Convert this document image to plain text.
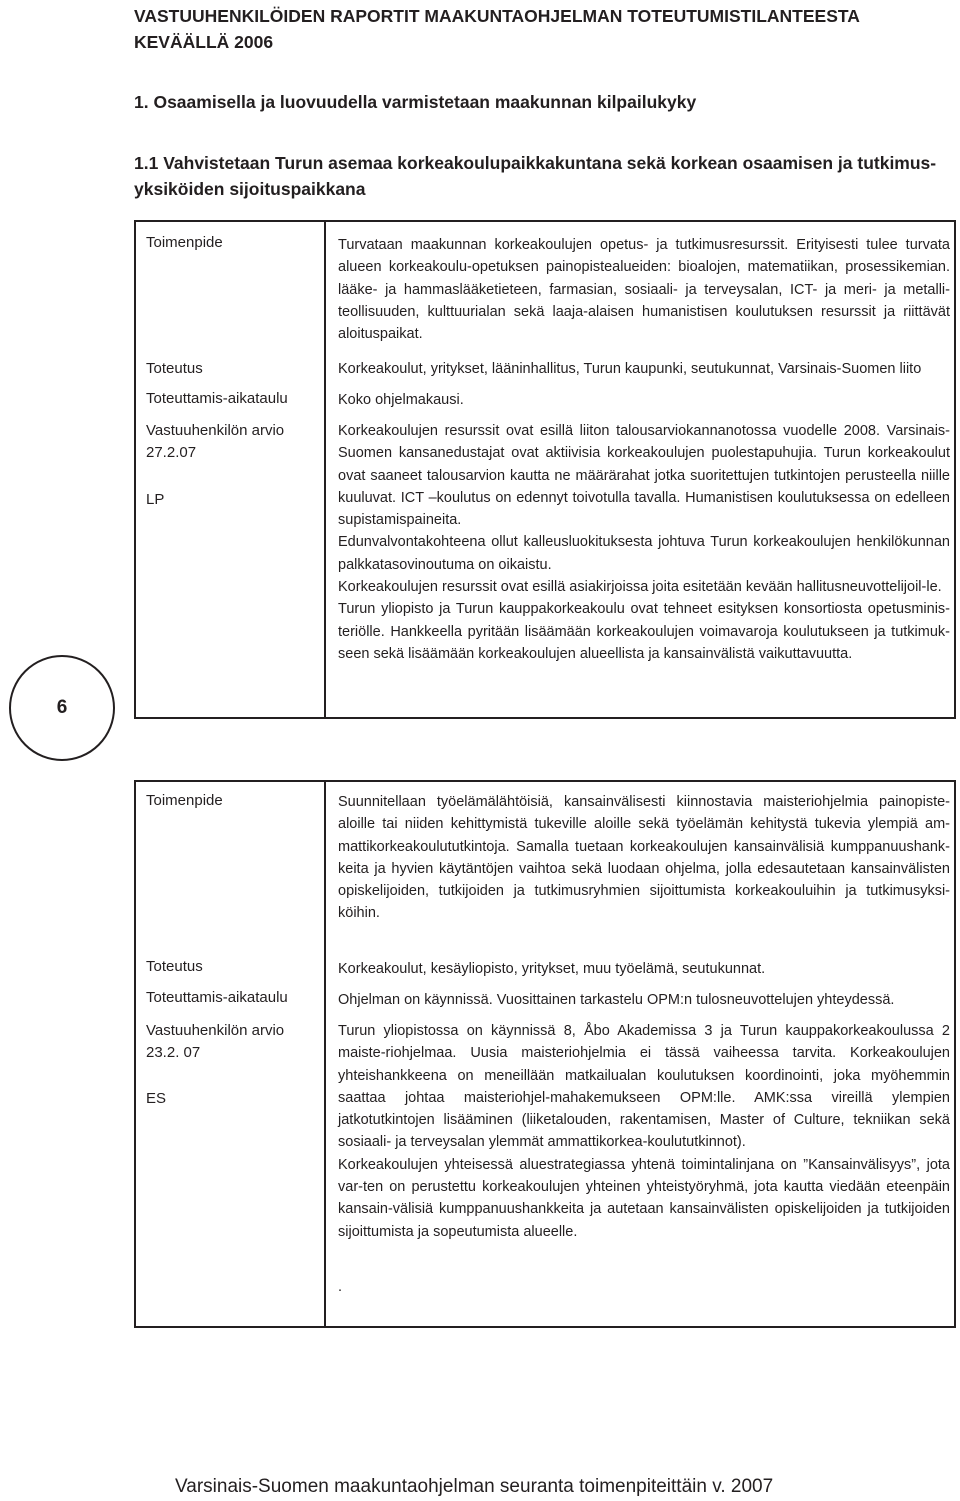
VASTUUHENKILÖIDEN RAPORTIT MAAKUNTAOHJELMAN TOTEUTUMISTILANTEESTA KEVÄÄLLÄ 2006
1. Osaamisella ja luovuudella varmistetaan maakunnan kilpailukyky
1.1 Vahvistetaan Turun asemaa korkeakoulupaikkakuntana sekä korkean osaamisen ja tutkimus-yksiköiden sijoituspaikkana

Toimenpide

Toteutus

Toteuttamis-aikataulu

Vastuuhenkilön arvio

27.2.07

LP

Turvataan maakunnan korkeakoulujen opetus- ja tutkimusresurssit. Erityisesti tulee turvata alueen korkeakoulu-opetuksen painopistealueiden: bioalojen, matematiikan, prosessikemian. lääke- ja hammaslääketieteen, farmasian, sosiaali- ja terveysalan, ICT- ja meri- ja metalli-teollisuuden, kulttuurialan sekä laaja-alaisen humanistisen koulutuksen resurssit ja riittävät aloituspaikat.

Korkeakoulut, yritykset, lääninhallitus, Turun kaupunki, seutukunnat, Varsinais-Suomen liito

Koko ohjelmakausi.

Korkeakoulujen resurssit ovat esillä liiton talousarviokannanotossa vuodelle 2008. Varsinais-Suomen kansanedustajat ovat aktiivisia korkeakoulujen puolestapuhujia. Turun korkeakoulut ovat saaneet talousarvion kautta ne määrärahat jotka suoritettujen tutkintojen perusteella niille kuuluvat. ICT –koulutus on edennyt toivotulla tavalla. Humanistisen koulutuksessa on edelleen supistamispaineita.

Edunvalvontakohteena ollut kalleusluokituksesta johtuva Turun korkeakoulujen henkilökunnan palkkatasovinoutuma on oikaistu.

Korkeakoulujen resurssit ovat esillä asiakirjoissa joita esitetään kevään hallitusneuvottelijoil-le.

Turun yliopisto ja Turun kauppakorkeakoulu ovat tehneet esityksen konsortiosta opetusminis-teriölle. Hankkeella pyritään lisäämään korkeakoulujen voimavaroja koulutukseen ja tutkimuk-seen sekä lisäämään korkeakoulujen alueellista ja kansainvälistä vaikuttavuutta.

6

Toimenpide

Toteutus

Toteuttamis-aikataulu

Vastuuhenkilön arvio

23.2. 07

ES

Suunnitellaan työelämälähtöisiä, kansainvälisesti kiinnostavia maisteriohjelmia painopiste-aloille tai niiden kehittymistä tukeville aloille sekä työelämän kehitystä tukevia ylempiä am-mattikorkeakoulututkintoja. Samalla tuetaan korkeakoulujen kansainvälisiä kumppanuushank-keita ja hyvien käytäntöjen vaihtoa sekä luodaan ohjelma, jolla edesautetaan kansainvälisten opiskelijoiden, tutkijoiden ja tutkimusryhmien sijoittumista korkeakouluihin ja tutkimusyksi-köihin.

Korkeakoulut, kesäyliopisto, yritykset, muu työelämä, seutukunnat.

Ohjelman on käynnissä. Vuosittainen tarkastelu OPM:n tulosneuvottelujen yhteydessä.

Turun yliopistossa on käynnissä 8, Åbo Akademissa 3 ja Turun kauppakorkeakoulussa 2 maiste-riohjelmaa. Uusia maisteriohjelmia ei tässä vaiheessa tarvita. Korkeakoulujen yhteishankkeena on meneillään matkailualan koulutuksen koordinointi, joka myöhemmin saattaa johtaa maisteriohjel-mahakemukseen OPM:lle. AMK:ssa vireillä ylempien jatkotutkintojen lisääminen (liiketalouden, rakentamisen, Master of Culture, tekniikan sekä sosiaali- ja terveysalan ylemmät ammattikorkea-koulututkinnot).

Korkeakoulujen yhteisessä aluestrategiassa yhtenä toimintalinjana on ”Kansainvälisyys”, jota var-ten on perustettu korkeakoulujen yhteinen yhteistyöryhmä, jota kautta viedään eteenpäin kansain-välisiä kumppanuushankkeita ja autetaan kansainvälisten opiskelijoiden ja tutkijoiden sijoittumista ja sopeutumista alueelle.

.

Varsinais-Suomen maakuntaohjelman seuranta toimenpiteittäin v. 2007
